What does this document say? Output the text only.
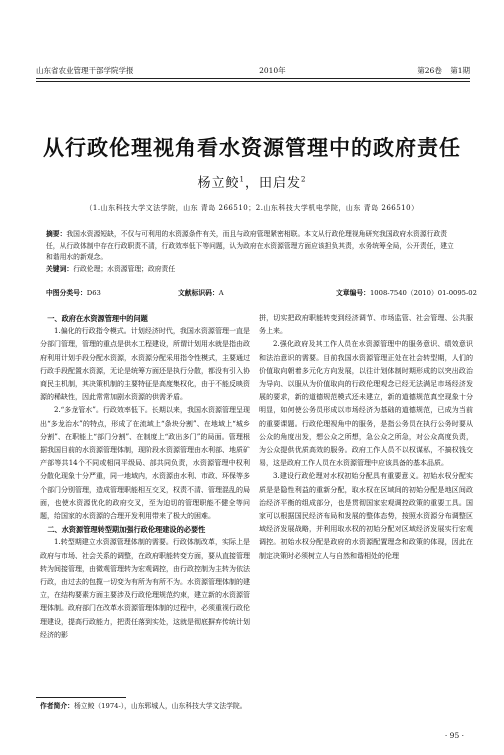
山东省农业管理干部学院学报	2010年	第26卷 第1期
从行政伦理视角看水资源管理中的政府责任
杨立鲛$^1$，田启发$^2$
（1.山东科技大学文法学院，山东 青岛 266510；2.山东科技大学机电学院，山东 青岛 266510）
摘要：我国水资源短缺，不仅与可利用的水资源条件有关，而且与政府管理紧密相联。本文从行政伦理视角研究我国政府水资源行政责任，从行政体制中存在行政职责不清，行政效率低下等问题，认为政府在水资源管理方面应该担负其责，水务统筹全局，公开责任，建立和谐用水的新观念。
关键词：行政伦理；水资源管理；政府责任
中图分类号：D63	文献标识码：A	文章编号：1008-7540（2010）01-0095-02
一、政府在水资源管理中的问题

1.偏化的行政指令模式。计划经济时代，我国水资源管理一直是分部门管理，管理的重点是供水工程建设，所谓计划用水就是指由政府利用计划手段分配水资源，水资源分配采用指令性模式，主要通过行政手段配置水资源，无论是统筹方面还是执行分散，都没有引入协商民主机制，其决策机制的主要特征是高度集权化，由于不能反映资源的稀缺性，因此常常加剧水资源的供需矛盾。

2.“多龙管水”。行政效率低下。长期以来，我国水资源管理呈现出“多龙治水”的特点，形成了在流域上“条块分割”、在地域上“城乡分割”、在职能上“部门分割”、在制度上“政出多门”的局面。管理根据我国目前的水资源管理体制，现阶段水资源管理由水利部、地质矿产部等共14个不同或相同平级局、部共同负责，水资源管理中权利分散化现象十分严重，同一地域内，水资源由水利、市政、环保等多个部门分别管理，造成管理职能相互交叉，权责不清、管理混乱的局面，也使水资源优化的政府交叉，至为迫切的管理职能不健全等问题，给国家的水资源的合理开发利用带来了极大的困难。

二、水资源管理转型期加强行政伦理建设的必要性

1.转型期建立水资源管理体制的需要。行政体制改革，实际上是政府与市场、社会关系的调整，在政府职能转变方面，要从直接管理转为间接管理，由微观管理转为宏观调控，由行政控制为主转为依法行政，由过去的包揽一切变为有所为有所不为。水资源管理体制的建立，在结构要素方面主要涉及行政伦理规范约束，建立新的水资源管理体制。政府部门在改革水资源管理体制的过程中，必须重视行政伦理建设，提高行政能力，把责任落到实处，这就是彻底摒弃传统计划经济的影

拼，切实把政府职能转变到经济调节、市场监管、社会管理、公共服务上来。

2.强化政府及其工作人员在水资源管理中的服务意识、绩效意识和法治意识的需要。目前我国水资源管理正处在社会转型期，人们的价值取向朝着多元化方向发展，以往计划体制时期形成的以突出政治为导向、以服从为价值取向的行政伦理观念已经无法满足市场经济发展的要求，新的道德规范模式还未建立，新的道德规范真空现象十分明显，如何使公务员形成以市场经济为基础的道德规范，已成为当前的重要课题。行政伦理视角中的服务，是指公务员在执行公务时要从公众的角度出发，想公众之所想，急公众之所急，对公众高度负责，为公众提供优质高效的服务。政府工作人员不以权谋私，不搞权钱交易，这是政府工作人员在水资源管理中应该具备的基本品质。

3.建设行政伦理对水权初始分配具有重要意义。初始水权分配实质是是隐性利益的重新分配，取水权在区域间的初始分配是地区间政治经济平衡的组成部分，也是贯彻国家宏观调控政策的重要工具。国家可以根据国民经济布局和发展的整体态势，按照水资源分布调整区域经济发展战略，并利用取水权的初始分配对区域经济发展实行宏观调控。初始水权分配是政府的水资源配置理念和政策的体现，因此在制定决策时必须树立人与自然和谐相处的伦理

作者简介：杨立鲛（1974-），山东郓城人，山东科技大学文法学院。
· 95 ·
